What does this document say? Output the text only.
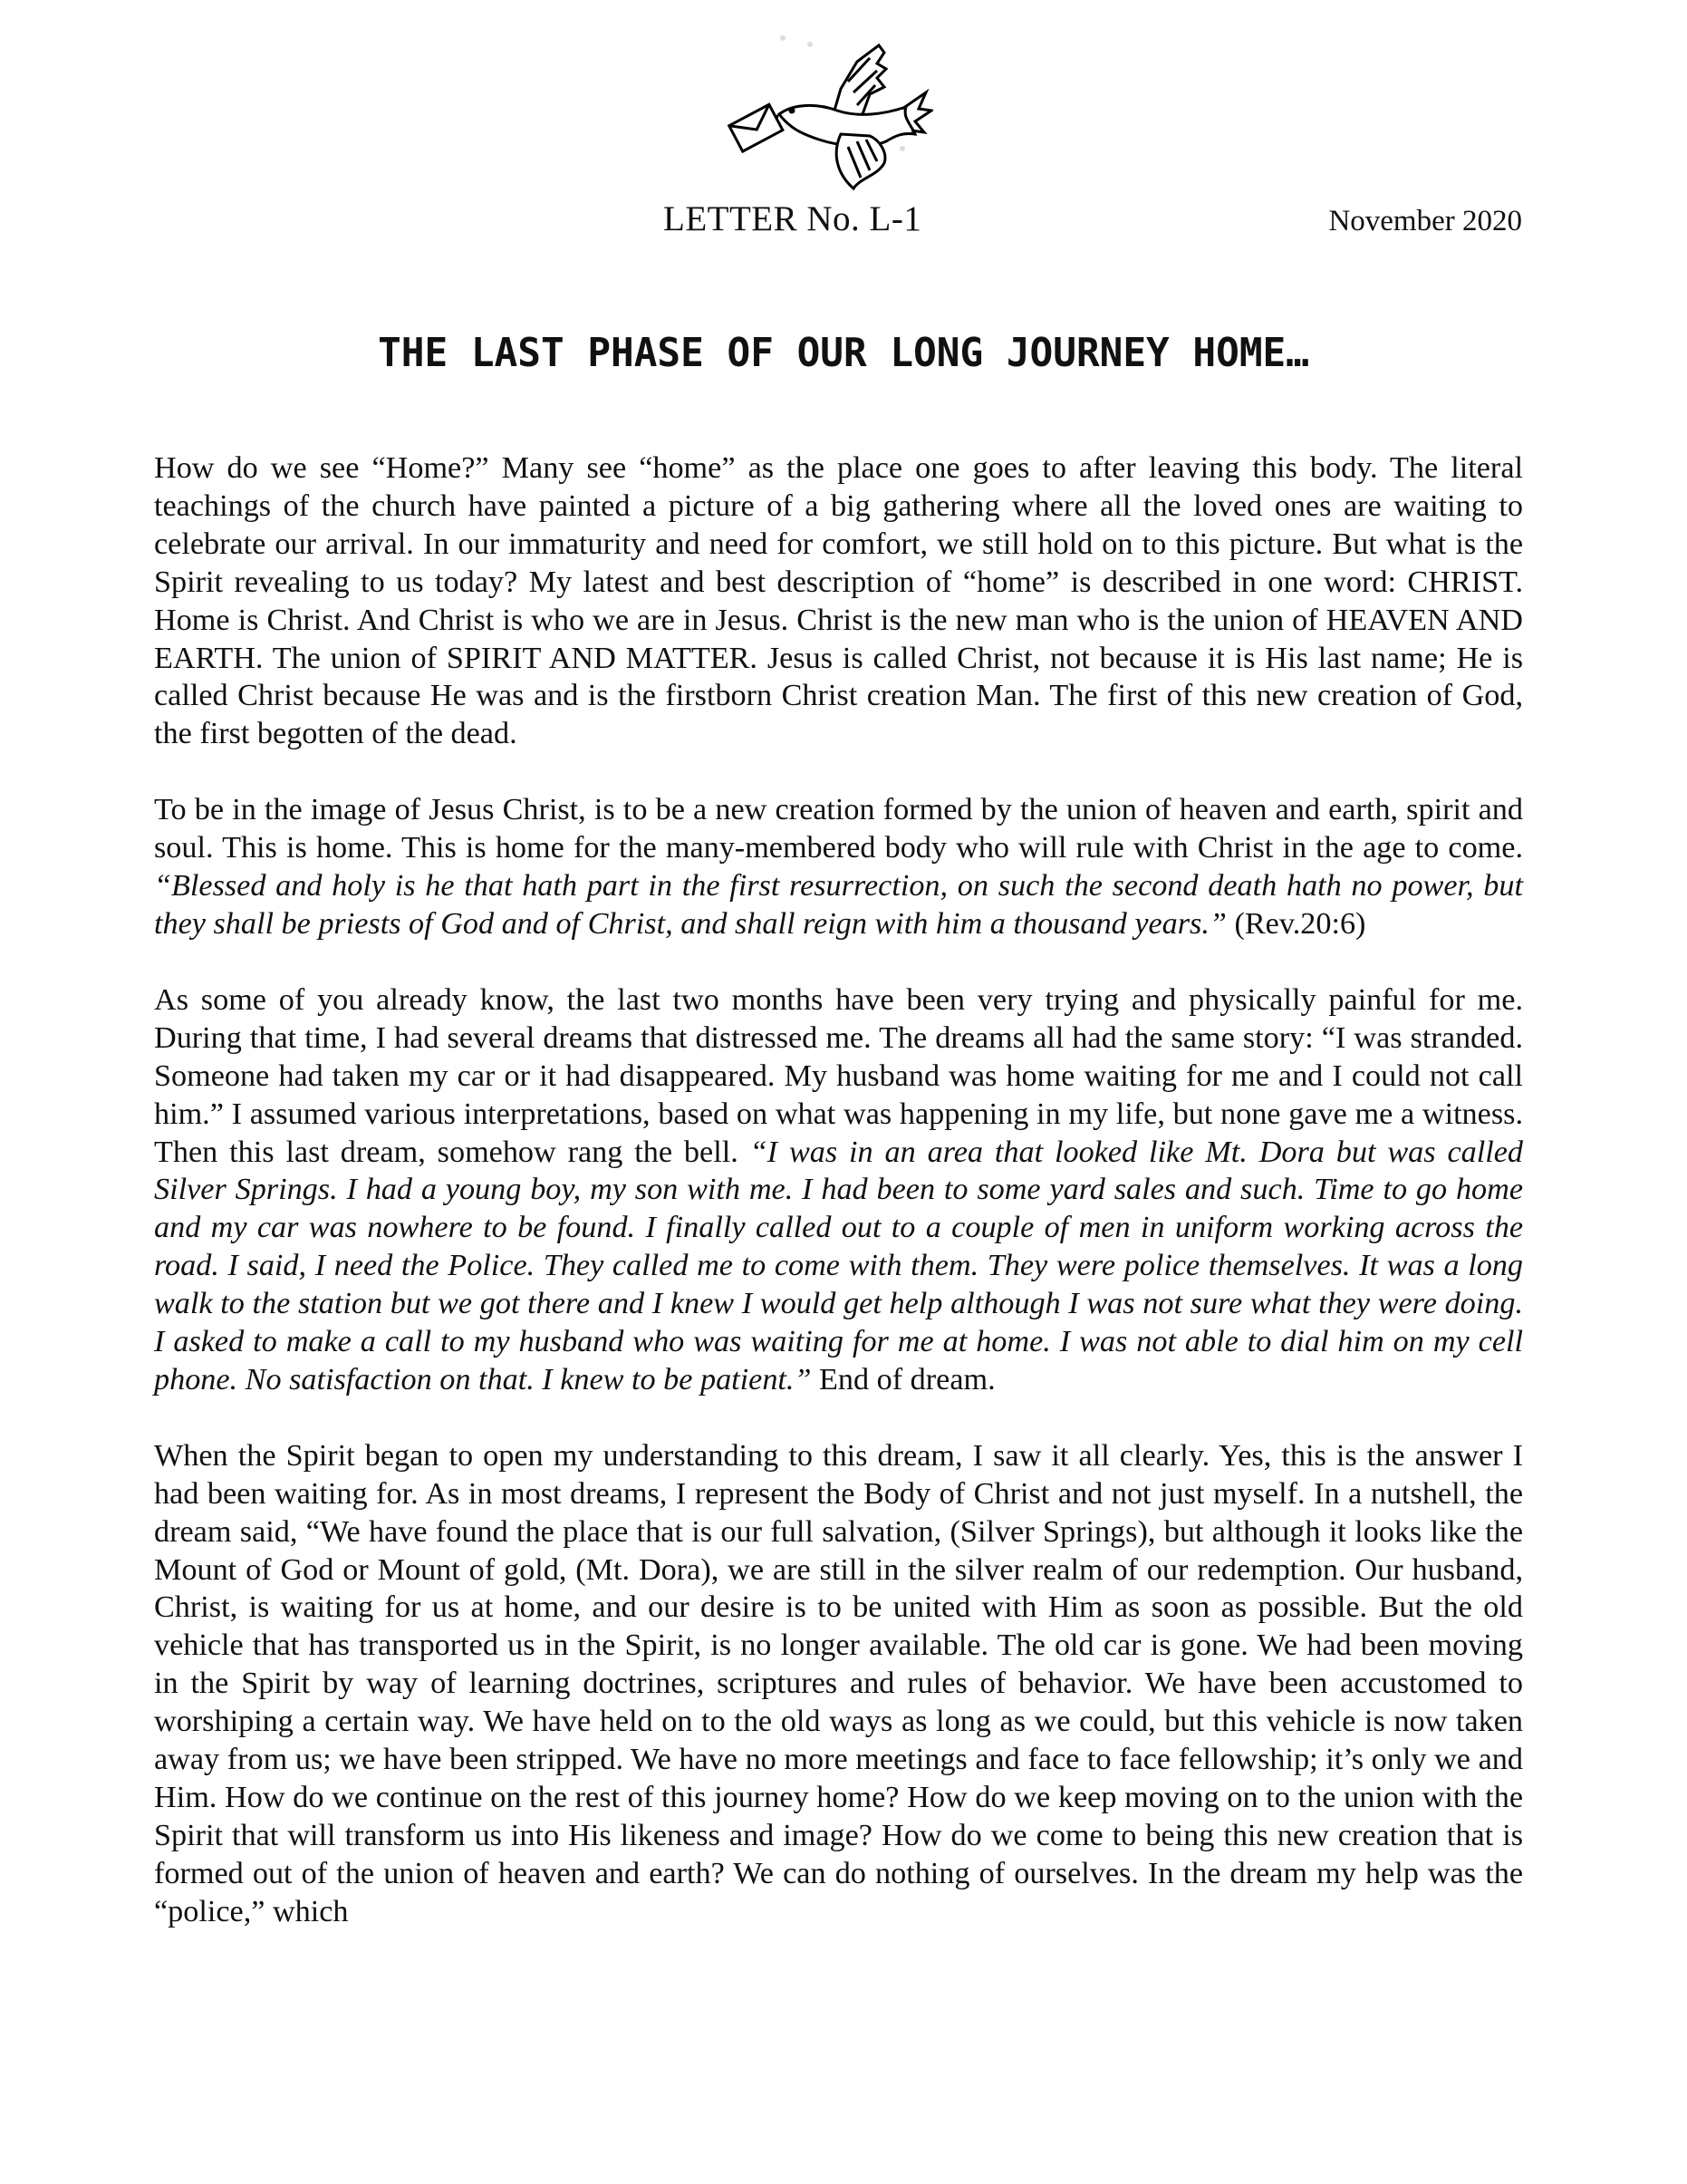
LETTER No. L-1	November 2020
THE LAST PHASE OF OUR LONG JOURNEY HOME…

How do we see “Home?” Many see “home” as the place one goes to after leaving this body. The literal teachings of the church have painted a picture of a big gathering where all the loved ones are waiting to celebrate our arrival. In our immaturity and need for comfort, we still hold on to this picture. But what is the Spirit revealing to us today? My latest and best description of “home” is described in one word: CHRIST. Home is Christ. And Christ is who we are in Jesus. Christ is the new man who is the union of HEAVEN AND EARTH. The union of SPIRIT AND MATTER. Jesus is called Christ, not because it is His last name; He is called Christ because He was and is the firstborn Christ creation Man. The first of this new creation of God, the first begotten of the dead.

To be in the image of Jesus Christ, is to be a new creation formed by the union of heaven and earth, spirit and soul. This is home. This is home for the many-membered body who will rule with Christ in the age to come. “Blessed and holy is he that hath part in the first resurrection, on such the second death hath no power, but they shall be priests of God and of Christ, and shall reign with him a thousand years.” (Rev.20:6)

As some of you already know, the last two months have been very trying and physically painful for me. During that time, I had several dreams that distressed me. The dreams all had the same story: “I was stranded. Someone had taken my car or it had disappeared. My husband was home waiting for me and I could not call him.” I assumed various interpretations, based on what was happening in my life, but none gave me a witness. Then this last dream, somehow rang the bell. “I was in an area that looked like Mt. Dora but was called Silver Springs. I had a young boy, my son with me. I had been to some yard sales and such. Time to go home and my car was nowhere to be found. I finally called out to a couple of men in uniform working across the road. I said, I need the Police. They called me to come with them. They were police themselves. It was a long walk to the station but we got there and I knew I would get help although I was not sure what they were doing. I asked to make a call to my husband who was waiting for me at home. I was not able to dial him on my cell phone. No satisfaction on that. I knew to be patient.” End of dream.

When the Spirit began to open my understanding to this dream, I saw it all clearly. Yes, this is the answer I had been waiting for. As in most dreams, I represent the Body of Christ and not just myself. In a nutshell, the dream said, “We have found the place that is our full salvation, (Silver Springs), but although it looks like the Mount of God or Mount of gold, (Mt. Dora), we are still in the silver realm of our redemption. Our husband, Christ, is waiting for us at home, and our desire is to be united with Him as soon as possible. But the old vehicle that has transported us in the Spirit, is no longer available. The old car is gone. We had been moving in the Spirit by way of learning doctrines, scriptures and rules of behavior. We have been accustomed to worshiping a certain way. We have held on to the old ways as long as we could, but this vehicle is now taken away from us; we have been stripped. We have no more meetings and face to face fellowship; it’s only we and Him. How do we continue on the rest of this journey home? How do we keep moving on to the union with the Spirit that will transform us into His likeness and image? How do we come to being this new creation that is formed out of the union of heaven and earth? We can do nothing of ourselves. In the dream my help was the “police,” which
